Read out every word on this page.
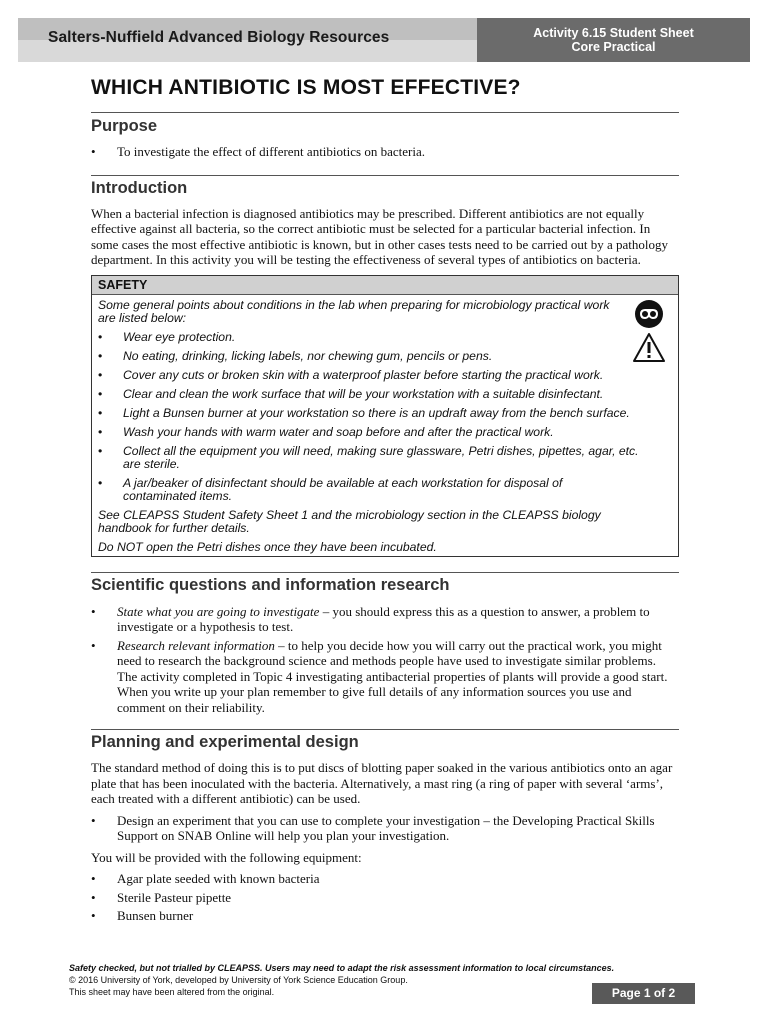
Salters-Nuffield Advanced Biology Resources	Activity 6.15 Student Sheet
Core Practical
WHICH ANTIBIOTIC IS MOST EFFECTIVE?
Purpose
• To investigate the effect of different antibiotics on bacteria.
Introduction

When a bacterial infection is diagnosed antibiotics may be prescribed. Different antibiotics are not equally effective against all bacteria, so the correct antibiotic must be selected for a particular bacterial infection. In some cases the most effective antibiotic is known, but in other cases tests need to be carried out by a pathology department. In this activity you will be testing the effectiveness of several types of antibiotics on bacteria.

SAFETY

Some general points about conditions in the lab when preparing for microbiology practical work are listed below:

• Wear eye protection.
• No eating, drinking, licking labels, nor chewing gum, pencils or pens.
• Cover any cuts or broken skin with a waterproof plaster before starting the practical work.
• Clear and clean the work surface that will be your workstation with a suitable disinfectant.
• Light a Bunsen burner at your workstation so there is an updraft away from the bench surface.
• Wash your hands with warm water and soap before and after the practical work.
• Collect all the equipment you will need, making sure glassware, Petri dishes, pipettes, agar, etc. are sterile.
• A jar/beaker of disinfectant should be available at each workstation for disposal of contaminated items.

See CLEAPSS Student Safety Sheet 1 and the microbiology section in the CLEAPSS biology handbook for further details.

Do NOT open the Petri dishes once they have been incubated.

Scientific questions and information research
• State what you are going to investigate – you should express this as a question to answer, a problem to investigate or a hypothesis to test.
• Research relevant information – to help you decide how you will carry out the practical work, you might need to research the background science and methods people have used to investigate similar problems. The activity completed in Topic 4 investigating antibacterial properties of plants will provide a good start. When you write up your plan remember to give full details of any information sources you use and comment on their reliability.
Planning and experimental design

The standard method of doing this is to put discs of blotting paper soaked in the various antibiotics onto an agar plate that has been inoculated with the bacteria. Alternatively, a mast ring (a ring of paper with several ‘arms’, each treated with a different antibiotic) can be used.

• Design an experiment that you can use to complete your investigation – the Developing Practical Skills Support on SNAB Online will help you plan your investigation.

You will be provided with the following equipment:

• Agar plate seeded with known bacteria
• Sterile Pasteur pipette
• Bunsen burner
Safety checked, but not trialled by CLEAPSS. Users may need to adapt the risk assessment information to local circumstances.
© 2016 University of York, developed by University of York Science Education Group.
This sheet may have been altered from the original.	Page 1 of 2
